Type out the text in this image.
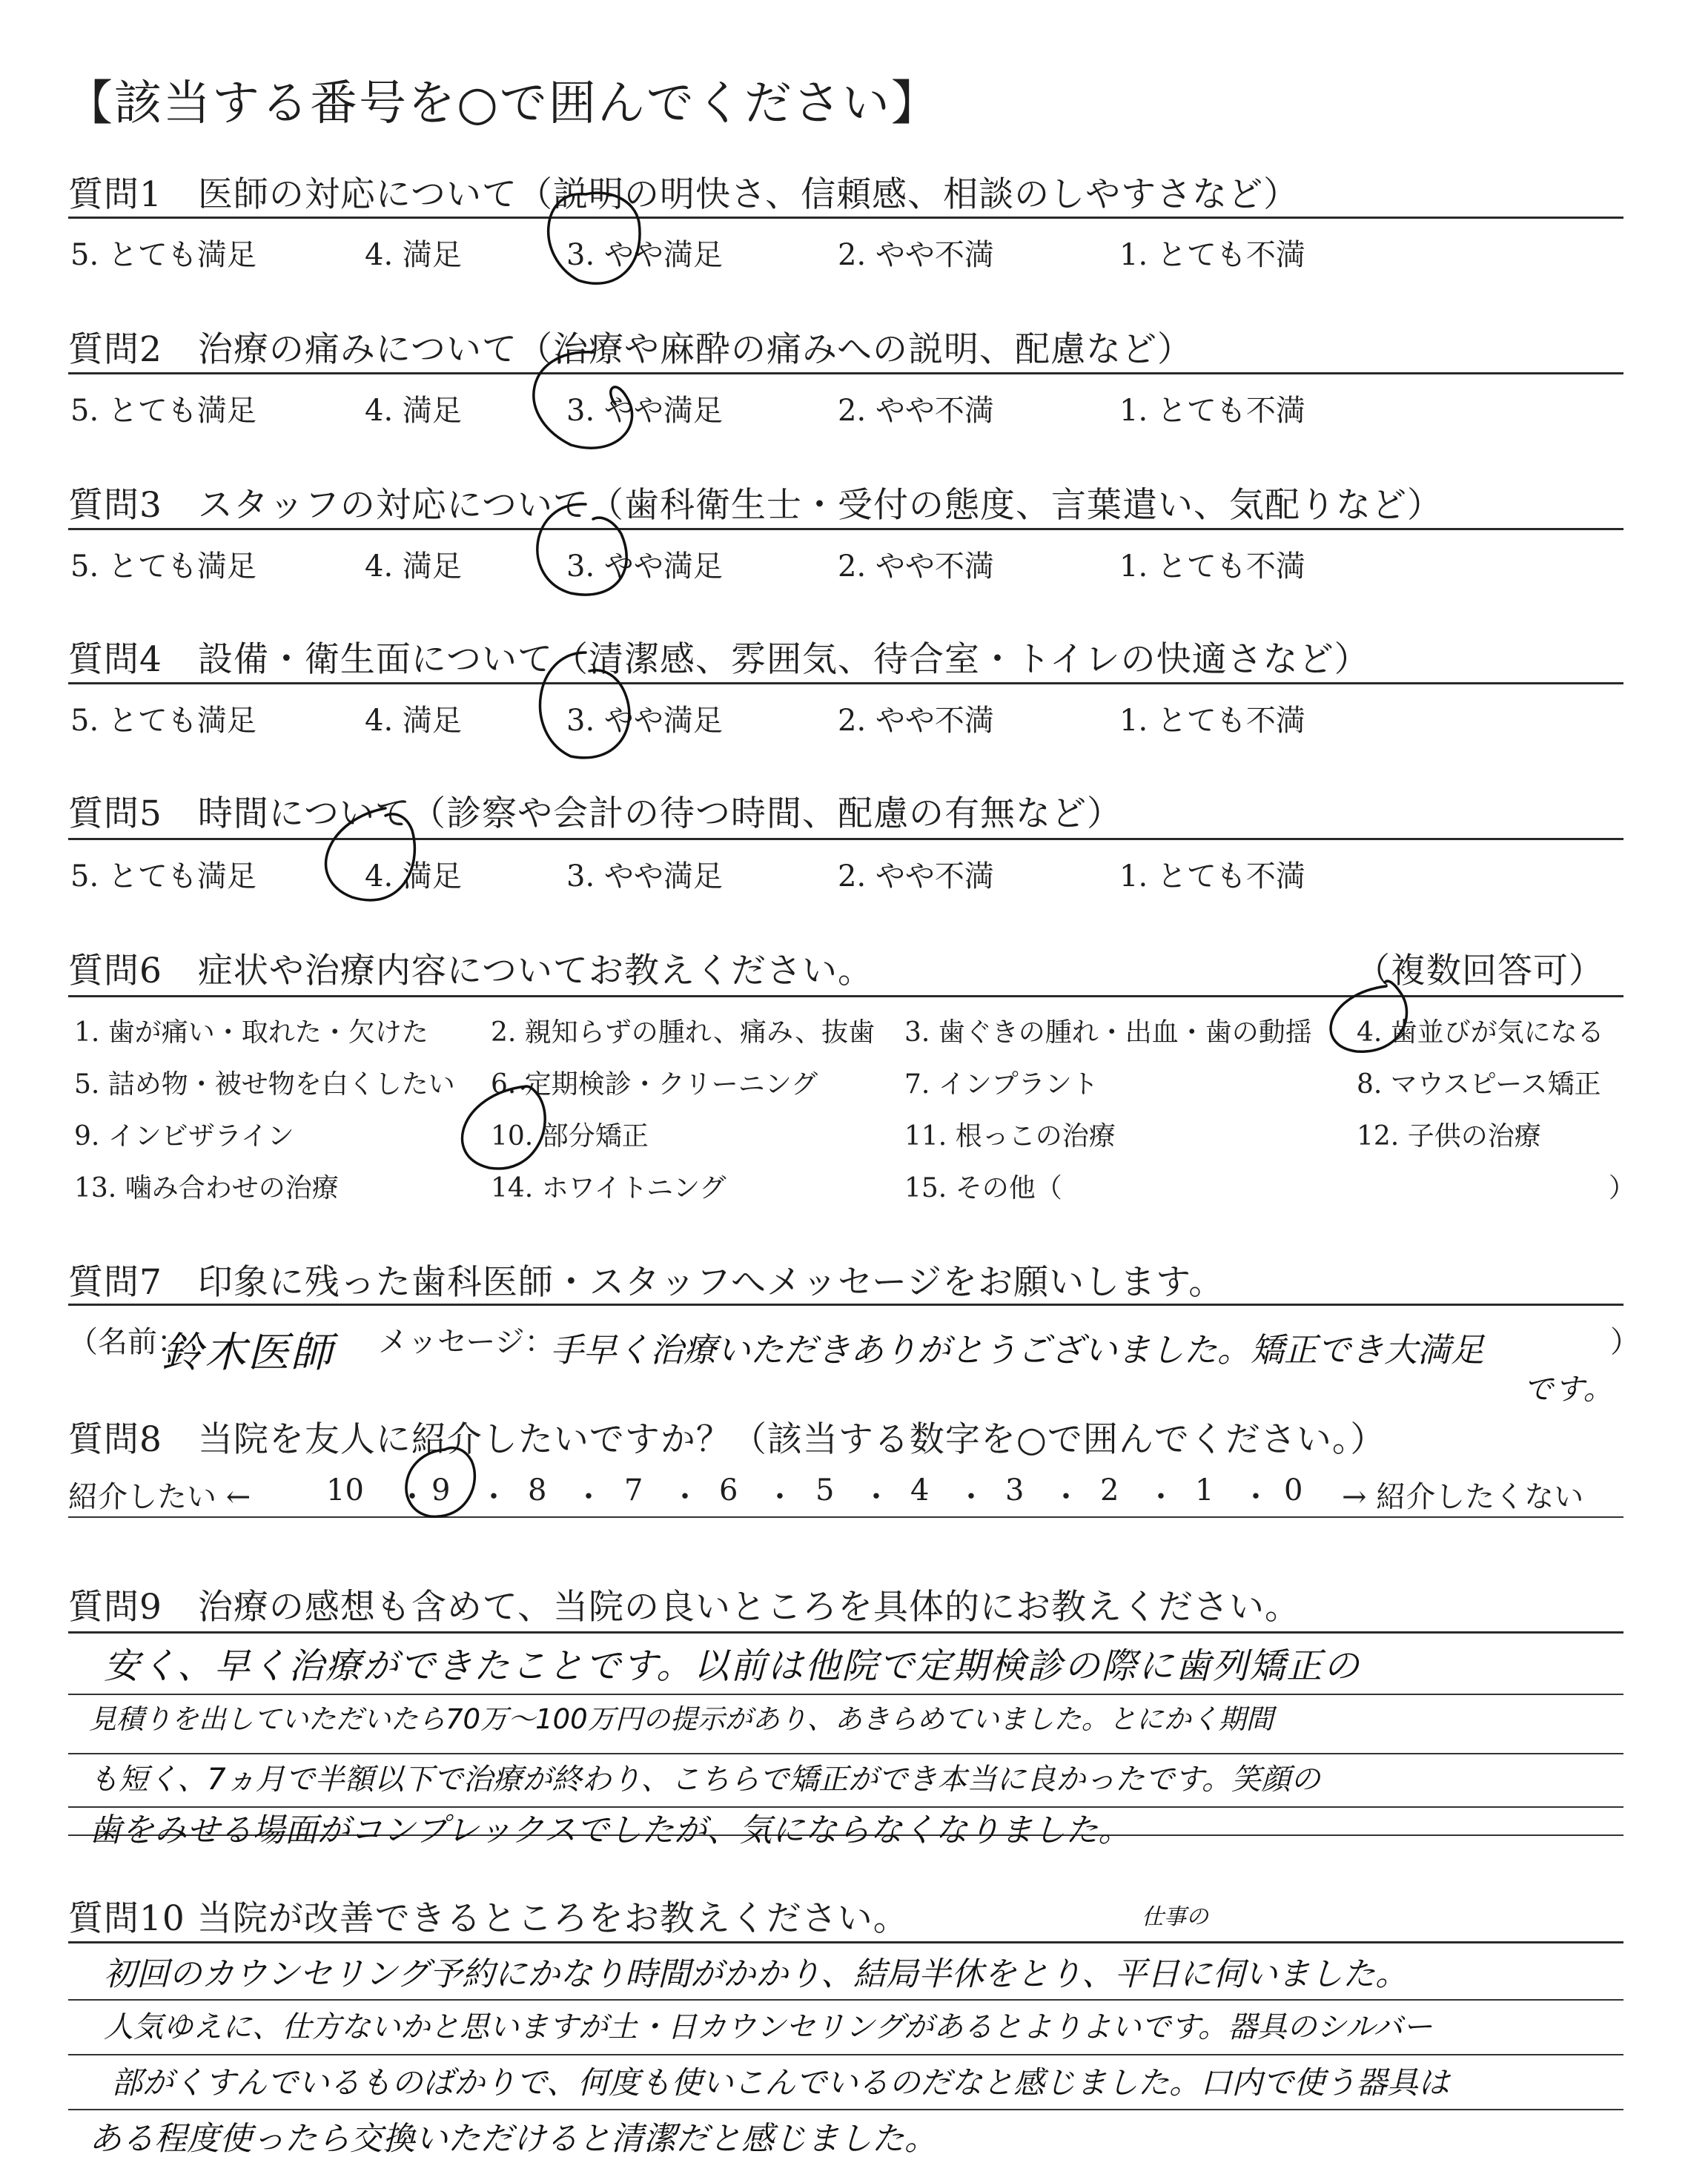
【該当する番号を○で囲んでください】
質問1　医師の対応について（説明の明快さ、信頼感、相談のしやすさなど）
5. とても満足	4. 満足	3. やや満足	2. やや不満	1. とても不満
質問2　治療の痛みについて（治療や麻酔の痛みへの説明、配慮など）
5. とても満足	4. 満足	3. やや満足	2. やや不満	1. とても不満
質問3　スタッフの対応について（歯科衛生士・受付の態度、言葉遣い、気配りなど）
5. とても満足	4. 満足	3. やや満足	2. やや不満	1. とても不満
質問4　設備・衛生面について（清潔感、雰囲気、待合室・トイレの快適さなど）
5. とても満足	4. 満足	3. やや満足	2. やや不満	1. とても不満
質問5　時間について（診察や会計の待つ時間、配慮の有無など）
5. とても満足	4. 満足	3. やや満足	2. やや不満	1. とても不満
質問6　症状や治療内容についてお教えください。	（複数回答可）
1. 歯が痛い・取れた・欠けた 2. 親知らずの腫れ、痛み、抜歯 3. 歯ぐきの腫れ・出血・歯の動揺 4. 歯並びが気になる
5. 詰め物・被せ物を白くしたい 6. 定期検診・クリーニング	7. インプラント	8. マウスピース矯正
9. インビザライン	10. 部分矯正	11. 根っこの治療	12. 子供の治療
13. 噛み合わせの治療	14. ホワイトニング	15. その他（	）
質問7　印象に残った歯科医師・スタッフへメッセージをお願いします。
（名前：
鈴木医師 メッセージ：
手早く治療いただきありがとうございました。矯正でき大満足
です。
）
質問8　当院を友人に紹介したいですか？（該当する数字を○で囲んでください。）
紹介したい ←	→ 紹介したくない
10 ・ 9 ・ 8 ・ 7 ・ 6 ・ 5 ・ 4 ・ 3 ・ 2 ・ 1 ・ 0
質問9　治療の感想も含めて、当院の良いところを具体的にお教えください。
安く、早く治療ができたことです。以前は他院で定期検診の際に歯列矯正の
見積りを出していただいたら70万〜100万円の提示があり、あきらめていました。とにかく期間
も短く、7ヵ月で半額以下で治療が終わり、こちらで矯正ができ本当に良かったです。笑顔の
歯をみせる場面がコンプレックスでしたが、気にならなくなりました。
質問10 当院が改善できるところをお教えください。	仕事の
初回のカウンセリング予約にかなり時間がかかり、結局半休をとり、平日に伺いました。
人気ゆえに、仕方ないかと思いますが土・日カウンセリングがあるとよりよいです。器具のシルバー
部がくすんでいるものばかりで、何度も使いこんでいるのだなと感じました。口内で使う器具は
ある程度使ったら交換いただけると清潔だと感じました。
